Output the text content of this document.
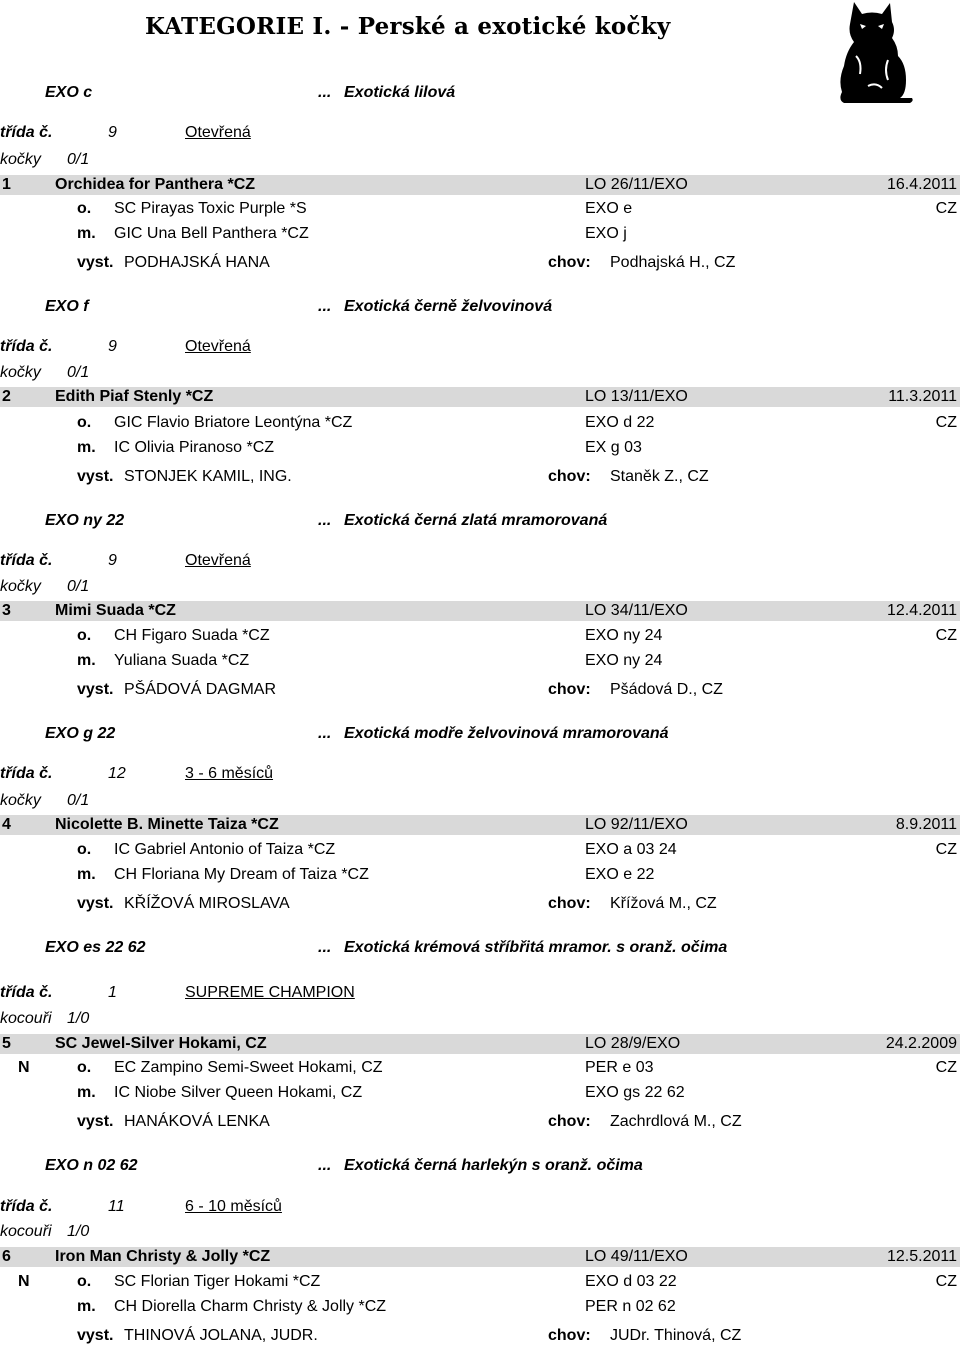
KATEGORIE I. - Perské a exotické kočky
EXO c	... Exotická lilová
třída č.	9	Otevřená
kočky 0/1
1	Orchidea for Panthera *CZ	LO 26/11/EXO	16.4.2011
o. SC Pirayas Toxic Purple *S	EXO e	CZ
m. GIC Una Bell Panthera *CZ	EXO j
vyst. PODHAJSKÁ HANA	chov: Podhajská H., CZ
EXO f	... Exotická černě želvovinová
třída č.	9	Otevřená
kočky 0/1
2	Edith Piaf Stenly *CZ	LO 13/11/EXO	11.3.2011
o. GIC Flavio Briatore Leontýna *CZ	EXO d 22	CZ
m. IC Olivia Piranoso *CZ	EX g 03
vyst. STONJEK KAMIL, ING.	chov: Staněk Z., CZ
EXO ny 22	... Exotická černá zlatá mramorovaná
třída č.	9	Otevřená
kočky 0/1
3	Mimi Suada *CZ	LO 34/11/EXO	12.4.2011
o. CH Figaro Suada *CZ	EXO ny 24	CZ
m. Yuliana Suada *CZ	EXO ny 24
vyst. PŠÁDOVÁ DAGMAR	chov: Pšádová D., CZ
EXO g 22	... Exotická modře želvovinová mramorovaná
třída č.	12	3 - 6 měsíců
kočky 0/1
4	Nicolette B. Minette Taiza *CZ	LO 92/11/EXO	8.9.2011
o. IC Gabriel Antonio of Taiza *CZ	EXO a 03 24	CZ
m. CH Floriana My Dream of Taiza *CZ	EXO e 22
vyst. KŘÍŽOVÁ MIROSLAVA	chov: Křížová M., CZ
EXO es 22 62	... Exotická krémová stříbřitá mramor. s oranž. očima
třída č.	1	SUPREME CHAMPION
kocouři 1/0
5	SC Jewel-Silver Hokami, CZ	LO 28/9/EXO	24.2.2009
N	o. EC Zampino Semi-Sweet Hokami, CZ	PER e 03	CZ
m. IC Niobe Silver Queen Hokami, CZ	EXO gs 22 62
vyst. HANÁKOVÁ LENKA	chov: Zachrdlová M., CZ
EXO n 02 62	... Exotická černá harlekýn s oranž. očima
třída č.	11	6 - 10 měsíců
kocouři 1/0
6	Iron Man Christy & Jolly *CZ	LO 49/11/EXO	12.5.2011
N	o. SC Florian Tiger Hokami *CZ	EXO d 03 22	CZ
m. CH Diorella Charm Christy & Jolly *CZ	PER n 02 62
vyst. THINOVÁ JOLANA, JUDR.	chov: JUDr. Thinová, CZ
